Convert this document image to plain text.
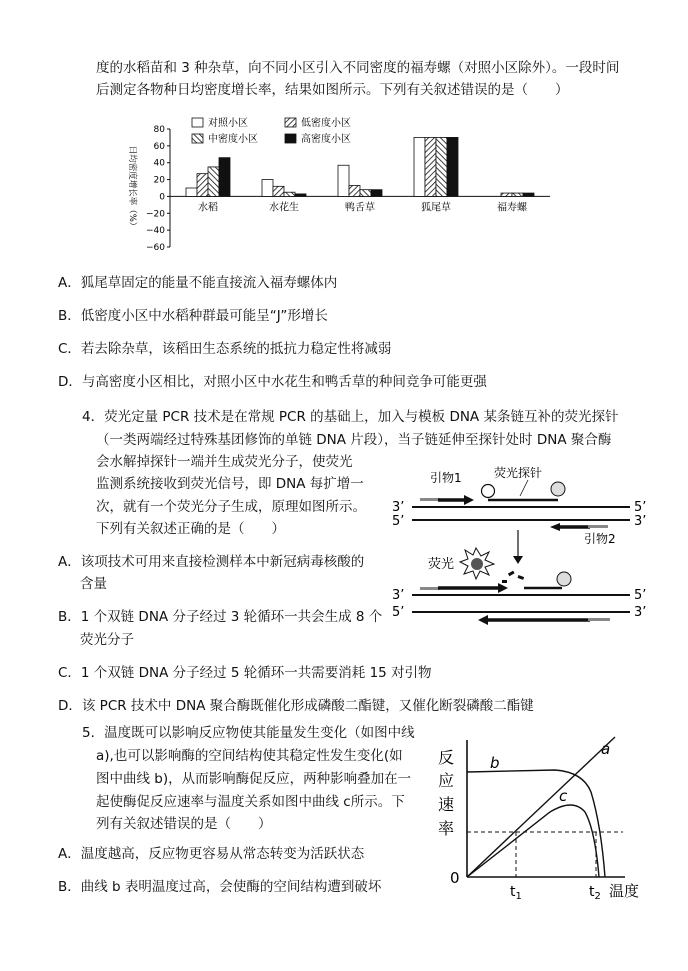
度的水稻苗和 3 种杂草，向不同小区引入不同密度的福寿螺（对照小区除外）。一段时间
后测定各物种日均密度增长率，结果如图所示。下列有关叙述错误的是（　　）
日均密度增长率（%）
80
60
40
20
0
−20
−40
−60
水稻	水花生	鸭舌草	狐尾草	福寿螺
对照小区	低密度小区
中密度小区	高密度小区
A．狐尾草固定的能量不能直接流入福寿螺体内
B．低密度小区中水稻种群最可能呈“J”形增长
C．若去除杂草，该稻田生态系统的抵抗力稳定性将减弱
D．与高密度小区相比，对照小区中水花生和鸭舌草的种间竞争可能更强
4．荧光定量 PCR 技术是在常规 PCR 的基础上，加入与模板 DNA 某条链互补的荧光探针
（一类两端经过特殊基团修饰的单链 DNA 片段），当子链延伸至探针处时 DNA 聚合酶
会水解掉探针一端并生成荧光分子，使荧光
监测系统接收到荧光信号，即 DNA 每扩增一
次，就有一个荧光分子生成，原理如图所示。
下列有关叙述正确的是（　　）
A．该项技术可用来直接检测样本中新冠病毒核酸的
含量
B．1 个双链 DNA 分子经过 3 轮循环一共会生成 8 个
荧光分子
C．1 个双链 DNA 分子经过 5 轮循环一共需要消耗 15 对引物
D．该 PCR 技术中 DNA 聚合酶既催化形成磷酸二酯键，又催化断裂磷酸二酯键
3’
5’
5’
3’
引物1	荧光探针
引物2
3’
5’
5’
3’
荧光
5．温度既可以影响反应物使其能量发生变化（如图中线
a),也可以影响酶的空间结构使其稳定性发生变化(如
图中曲线 b)，从而影响酶促反应，两种影响叠加在一
起使酶促反应速率与温度关系如图中曲线 c所示。下
列有关叙述错误的是（　　）
A．温度越高，反应物更容易从常态转变为活跃状态
B．曲线 b 表明温度过高，会使酶的空间结构遭到破坏
反
应
速
率
0
温度
a
b
c
$t_1$	$t_2$
